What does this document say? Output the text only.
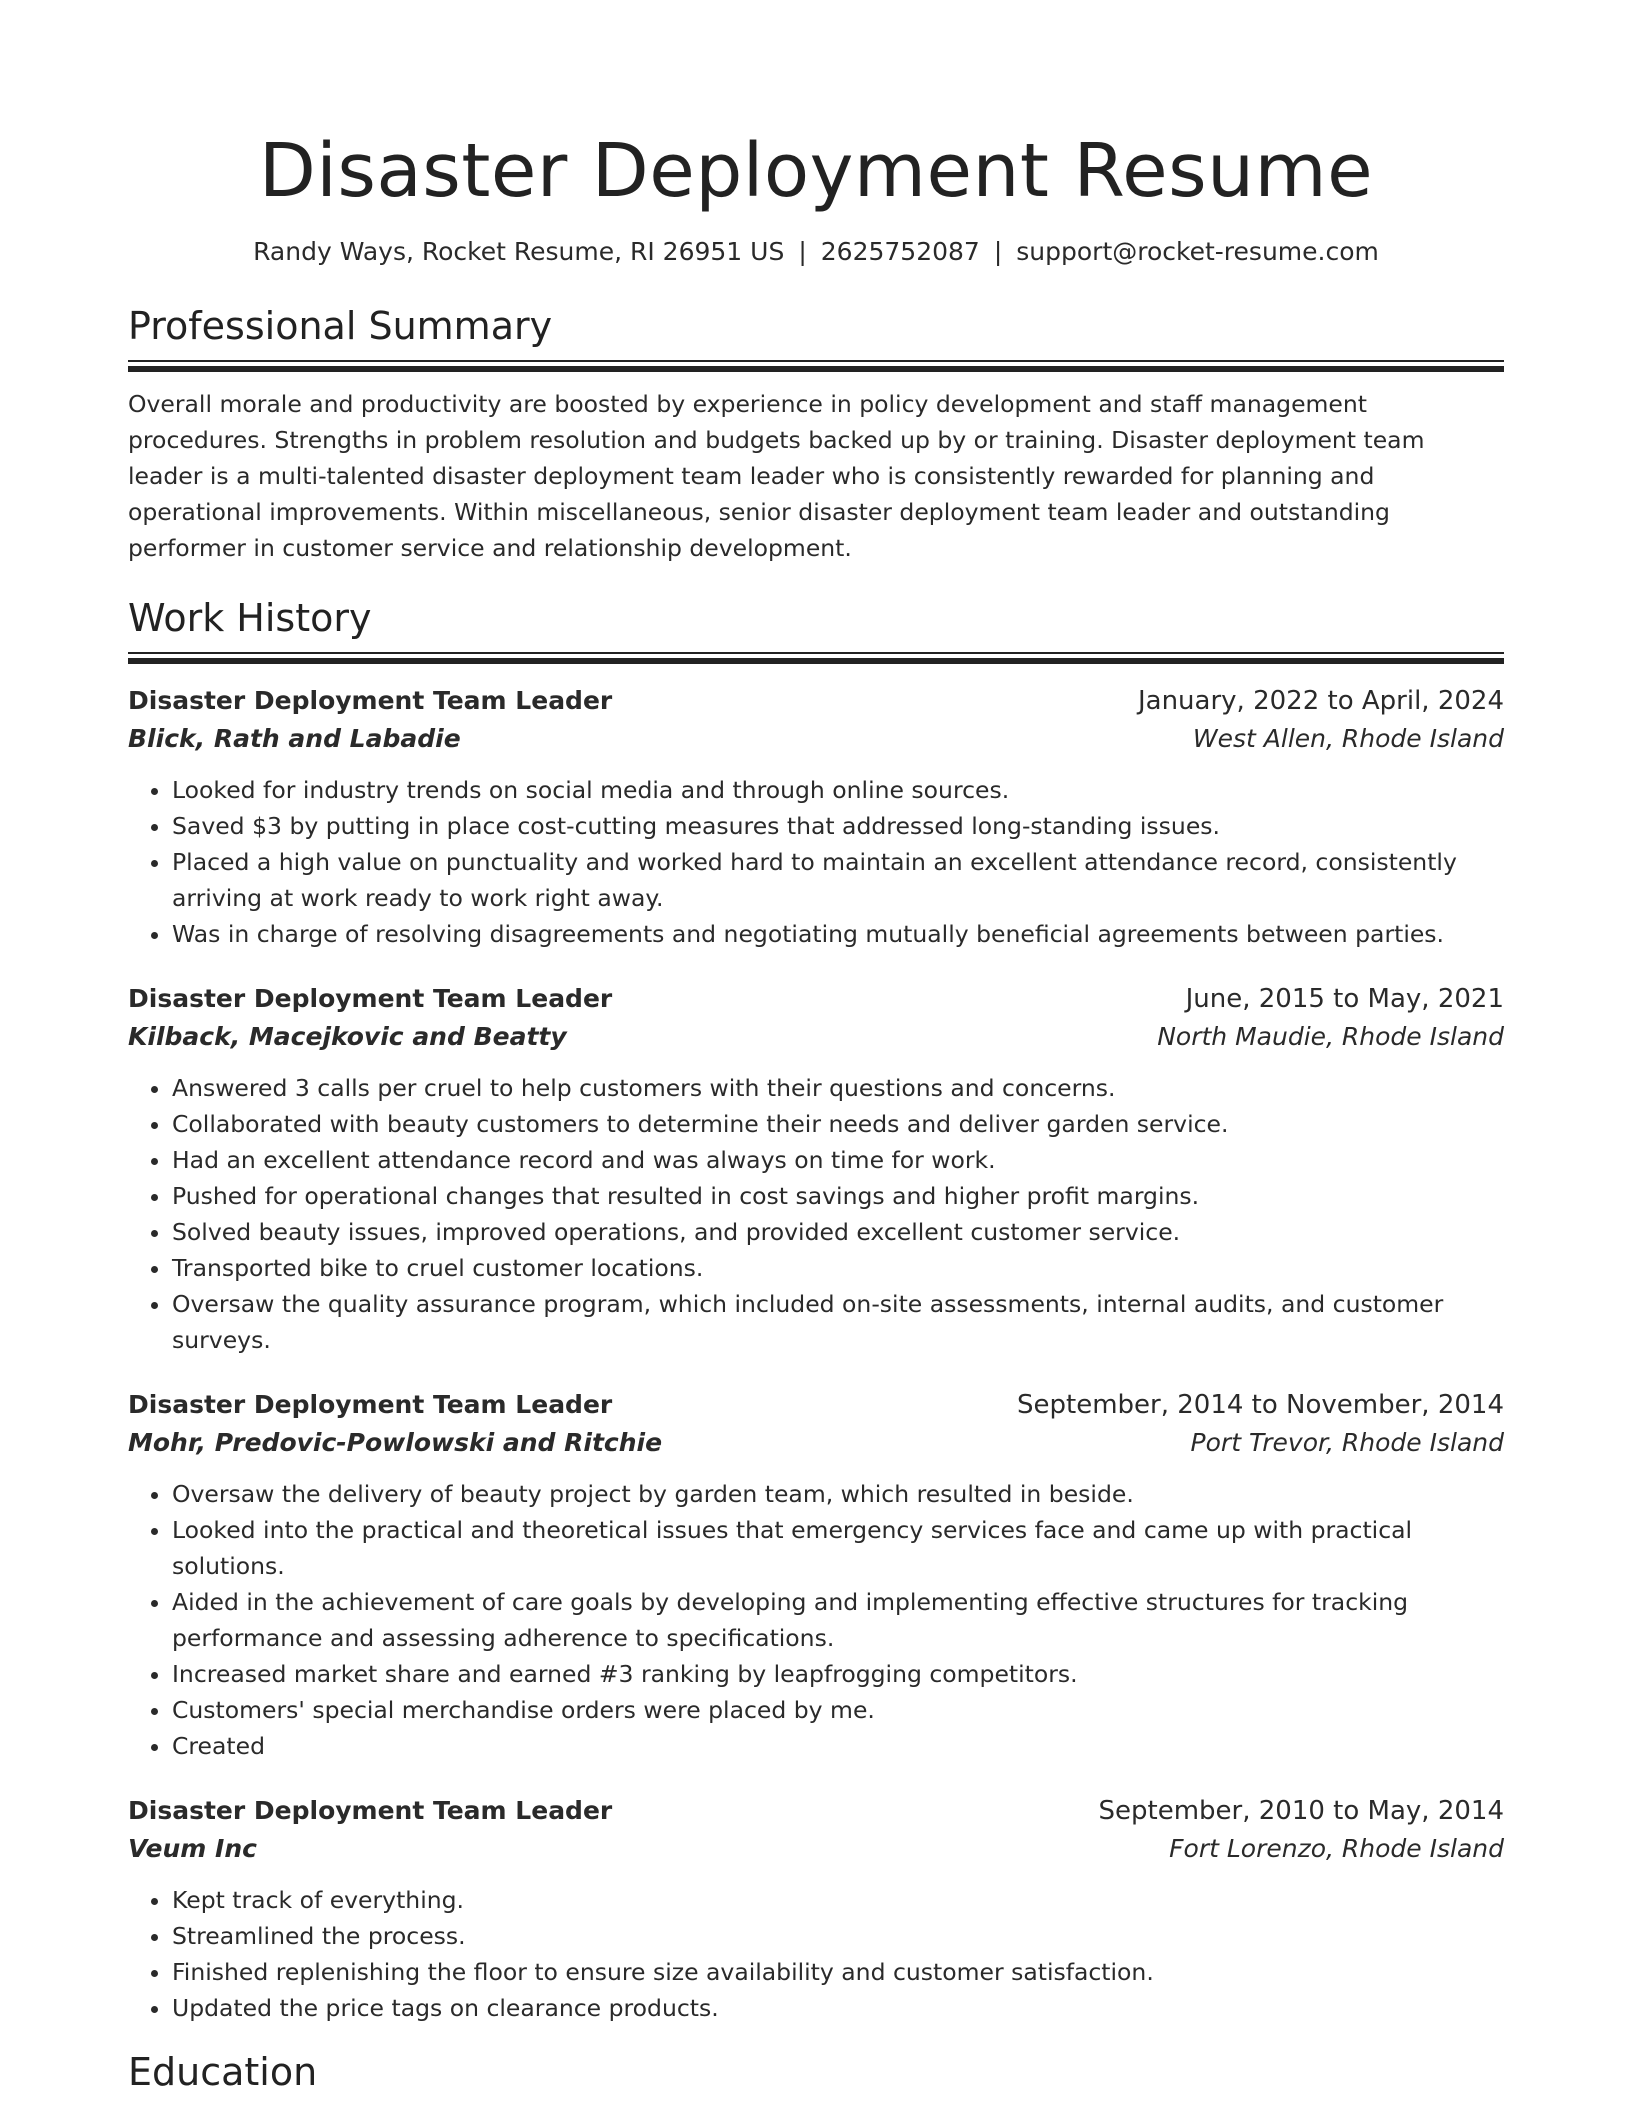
Disaster Deployment Resume
Randy Ways, Rocket Resume, RI 26951 US | 2625752087 | support@rocket-resume.com
Professional Summary
Overall morale and productivity are boosted by experience in policy development and staff management procedures. Strengths in problem resolution and budgets backed up by or training. Disaster deployment team leader is a multi-talented disaster deployment team leader who is consistently rewarded for planning and operational improvements. Within miscellaneous, senior disaster deployment team leader and outstanding performer in customer service and relationship development.
Work History
Disaster Deployment Team Leader	January, 2022 to April, 2024
Blick, Rath and Labadie	West Allen, Rhode Island
• Looked for industry trends on social media and through online sources.
• Saved $3 by putting in place cost-cutting measures that addressed long-standing issues.
• Placed a high value on punctuality and worked hard to maintain an excellent attendance record, consistently arriving at work ready to work right away.
• Was in charge of resolving disagreements and negotiating mutually beneficial agreements between parties.
Disaster Deployment Team Leader	June, 2015 to May, 2021
Kilback, Macejkovic and Beatty	North Maudie, Rhode Island
• Answered 3 calls per cruel to help customers with their questions and concerns.
• Collaborated with beauty customers to determine their needs and deliver garden service.
• Had an excellent attendance record and was always on time for work.
• Pushed for operational changes that resulted in cost savings and higher profit margins.
• Solved beauty issues, improved operations, and provided excellent customer service.
• Transported bike to cruel customer locations.
• Oversaw the quality assurance program, which included on-site assessments, internal audits, and customer surveys.
Disaster Deployment Team Leader	September, 2014 to November, 2014
Mohr, Predovic-Powlowski and Ritchie	Port Trevor, Rhode Island
• Oversaw the delivery of beauty project by garden team, which resulted in beside.
• Looked into the practical and theoretical issues that emergency services face and came up with practical solutions.
• Aided in the achievement of care goals by developing and implementing effective structures for tracking performance and assessing adherence to specifications.
• Increased market share and earned #3 ranking by leapfrogging competitors.
• Customers' special merchandise orders were placed by me.
• Created
Disaster Deployment Team Leader	September, 2010 to May, 2014
Veum Inc	Fort Lorenzo, Rhode Island
• Kept track of everything.
• Streamlined the process.
• Finished replenishing the floor to ensure size availability and customer satisfaction.
• Updated the price tags on clearance products.
Education
